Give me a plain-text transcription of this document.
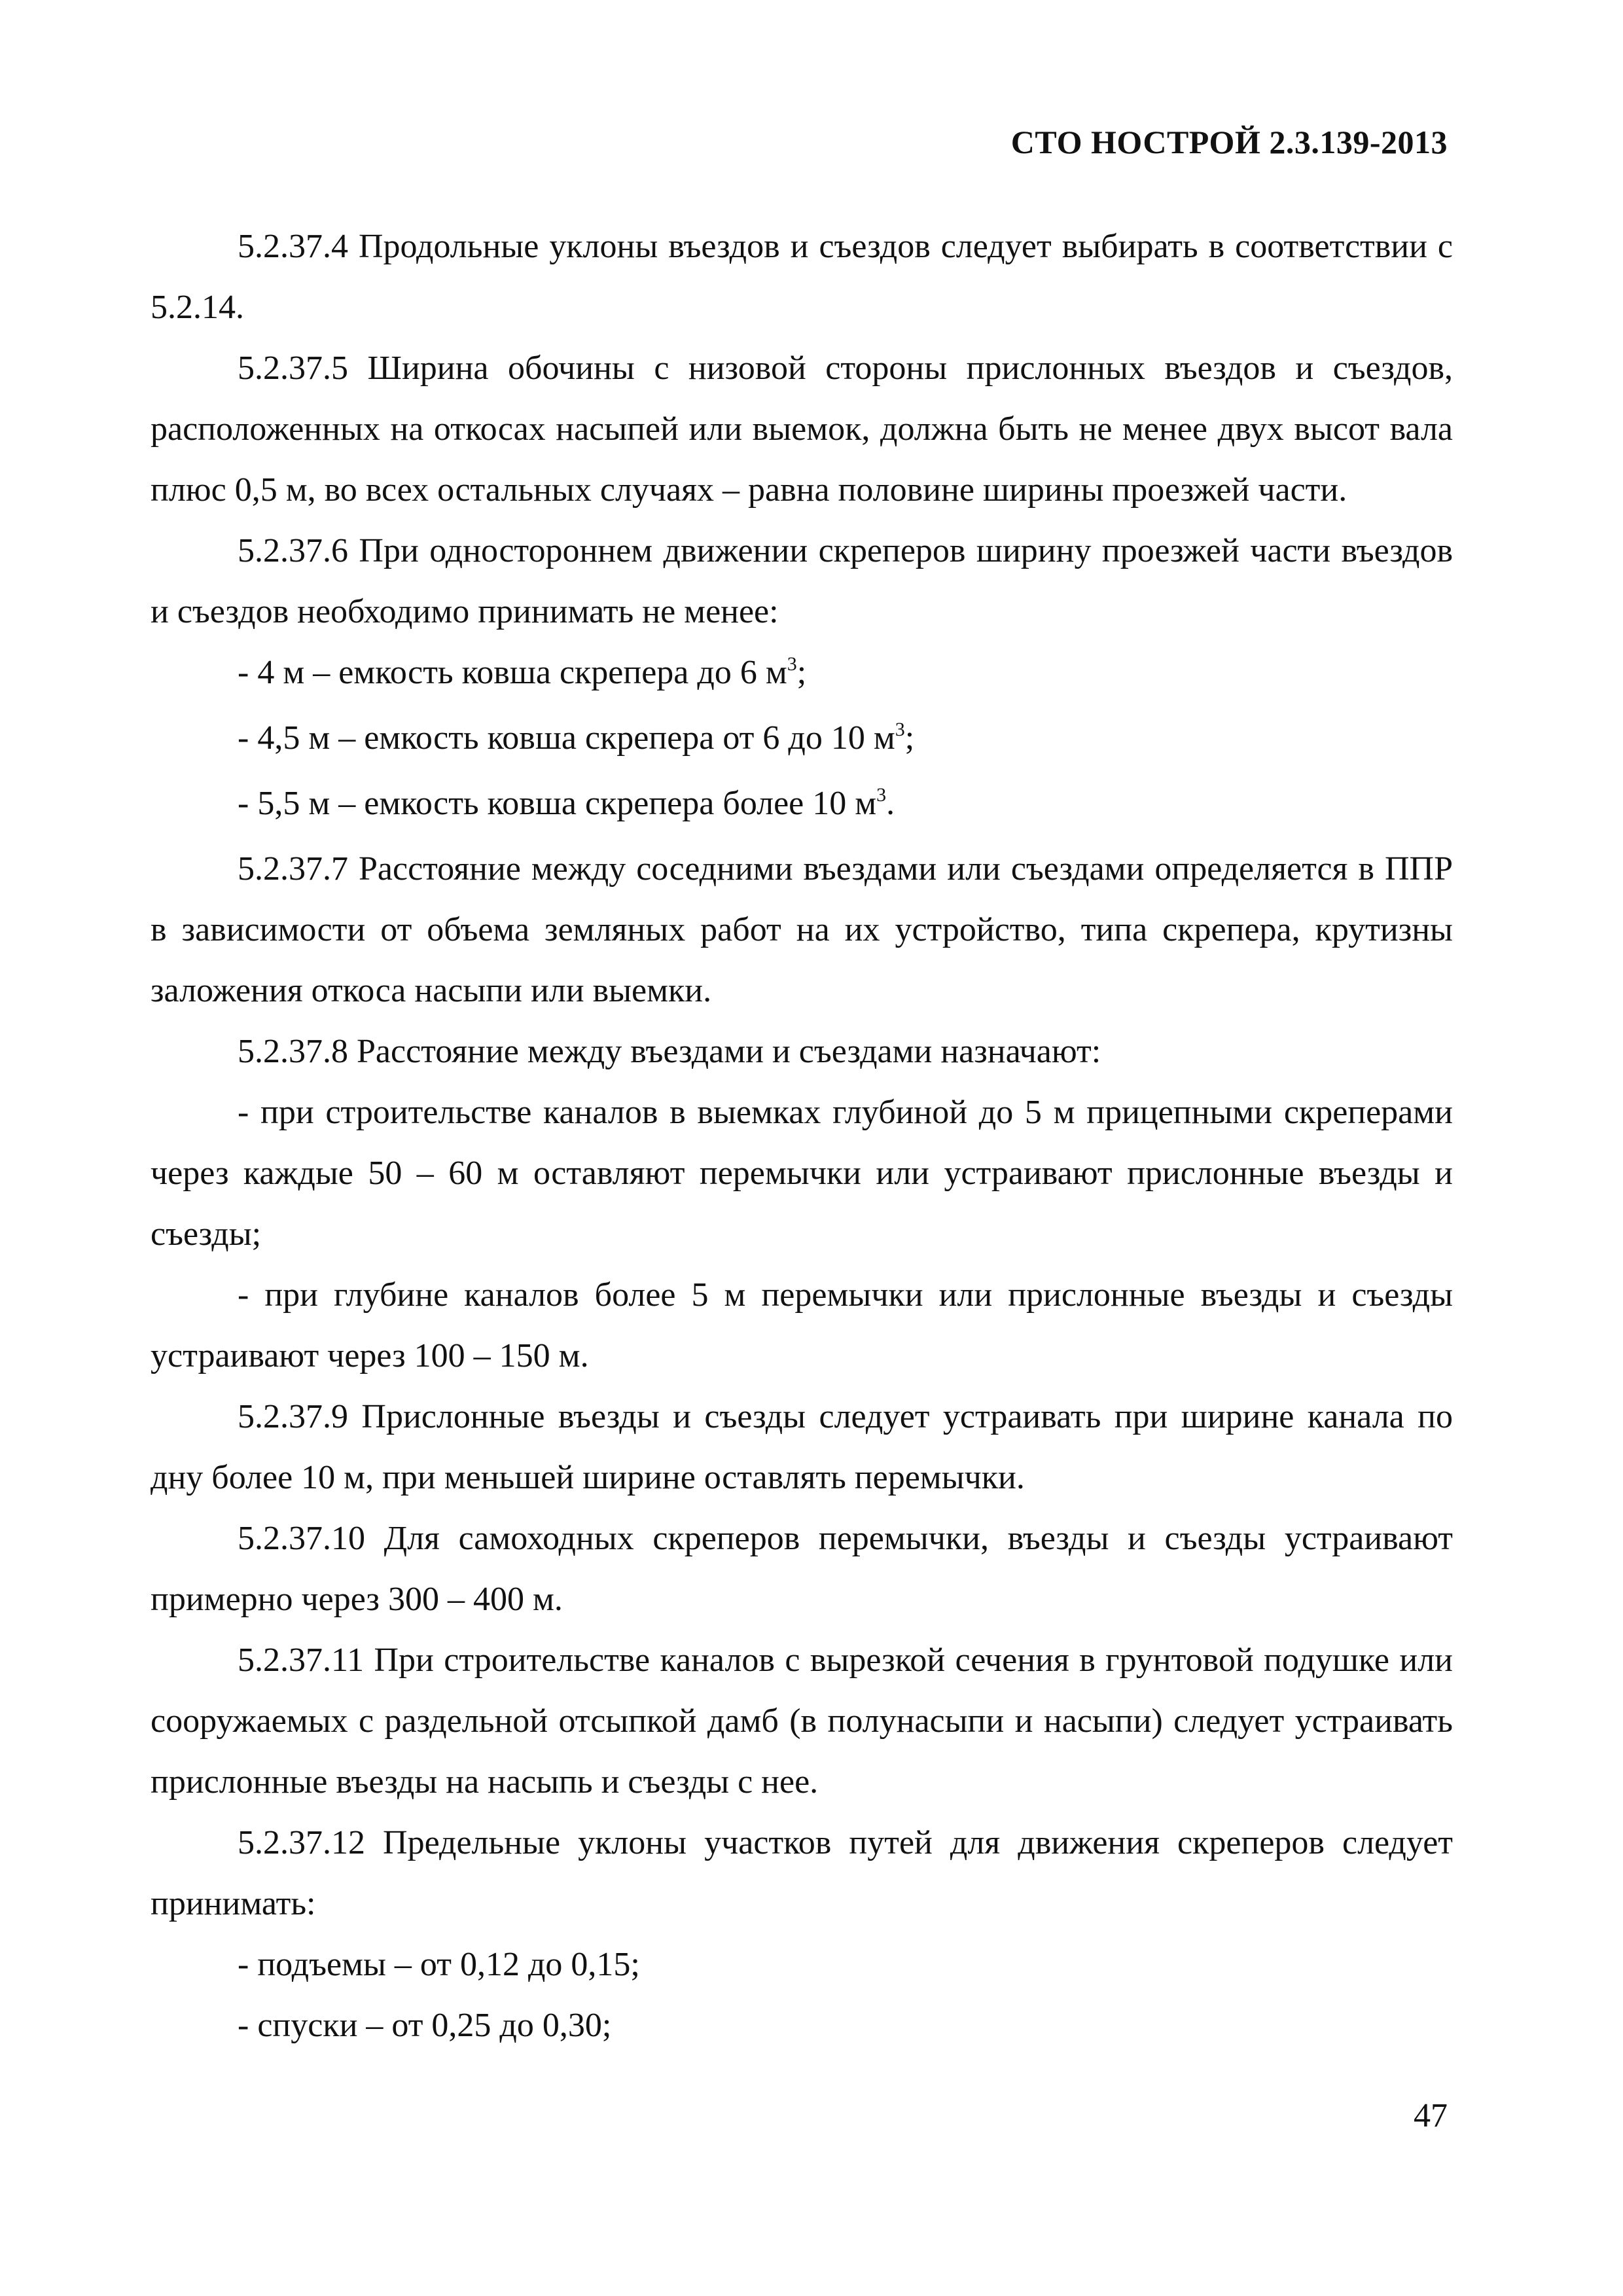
СТО НОСТРОЙ 2.3.139-2013

5.2.37.4 Продольные уклоны въездов и съездов следует выбирать в соответствии с 5.2.14.

5.2.37.5 Ширина обочины с низовой стороны прислонных въездов и съездов, расположенных на откосах насыпей или выемок, должна быть не менее двух высот вала плюс 0,5 м, во всех остальных случаях – равна половине ширины проезжей части.

5.2.37.6 При одностороннем движении скреперов ширину проезжей части въездов и съездов необходимо принимать не менее:

- 4 м – емкость ковша скрепера до 6 $м^3$;

- 4,5 м – емкость ковша скрепера от 6 до 10 $м^3$;

- 5,5 м – емкость ковша скрепера более 10 $м^3$.

5.2.37.7 Расстояние между соседними въездами или съездами определяется в ППР в зависимости от объема земляных работ на их устройство, типа скрепера, крутизны заложения откоса насыпи или выемки.

5.2.37.8 Расстояние между въездами и съездами назначают:

- при строительстве каналов в выемках глубиной до 5 м прицепными скреперами через каждые 50 – 60 м оставляют перемычки или устраивают прислонные въезды и съезды;

- при глубине каналов более 5 м перемычки или прислонные въезды и съезды устраивают через 100 – 150 м.

5.2.37.9 Прислонные въезды и съезды следует устраивать при ширине канала по дну более 10 м, при меньшей ширине оставлять перемычки.

5.2.37.10 Для самоходных скреперов перемычки, въезды и съезды устраивают примерно через 300 – 400 м.

5.2.37.11 При строительстве каналов с вырезкой сечения в грунтовой подушке или сооружаемых с раздельной отсыпкой дамб (в полунасыпи и насыпи) следует устраивать прислонные въезды на насыпь и съезды с нее.

5.2.37.12 Предельные уклоны участков путей для движения скреперов следует принимать:

- подъемы – от 0,12 до 0,15;

- спуски – от 0,25 до 0,30;

47
